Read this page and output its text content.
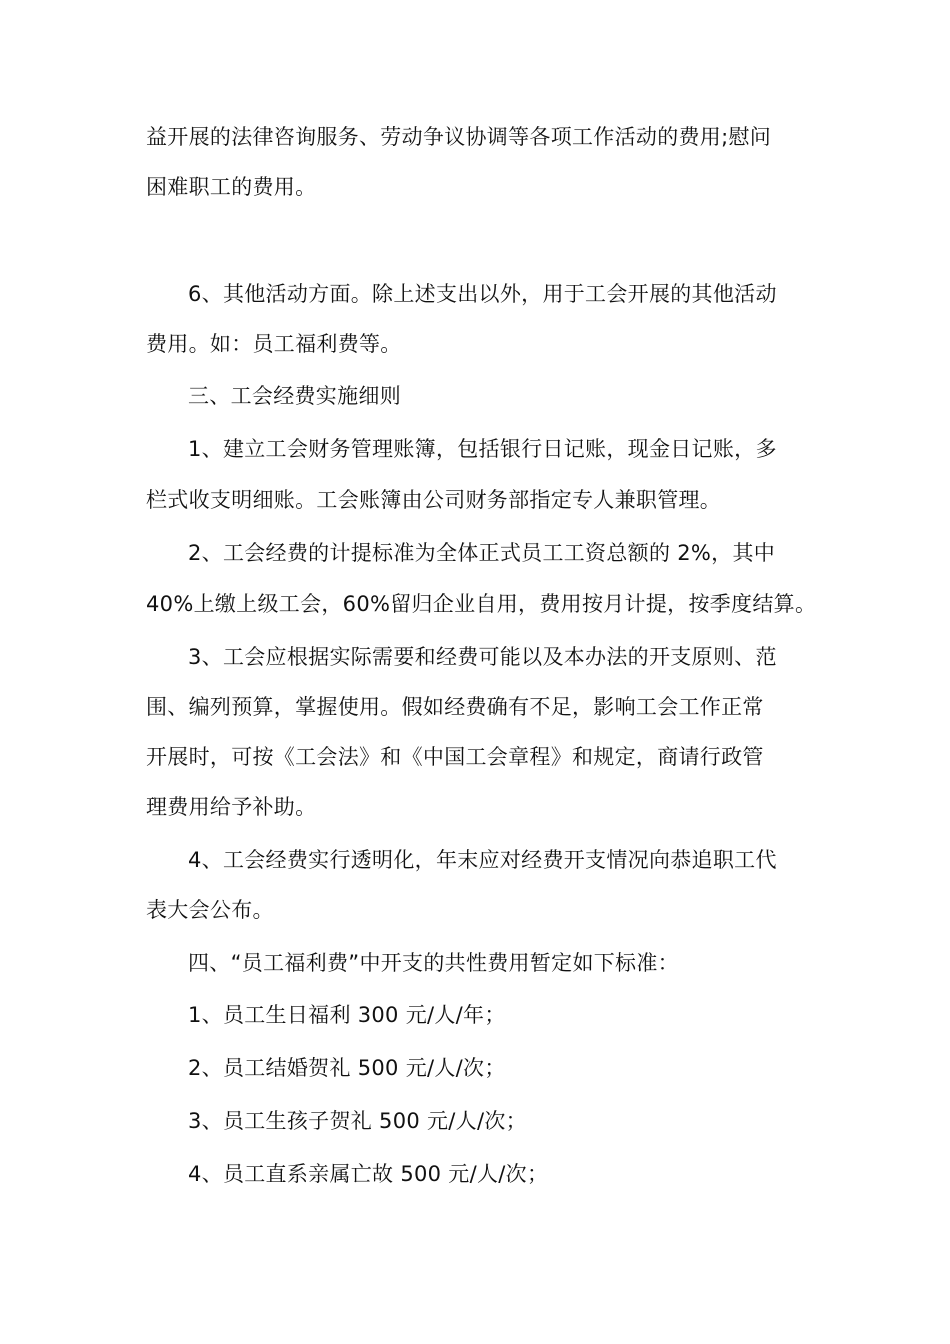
益开展的法律咨询服务、劳动争议协调等各项工作活动的费用;慰问
困难职工的费用。
6、其他活动方面。除上述支出以外，用于工会开展的其他活动
费用。如：员工福利费等。
三、工会经费实施细则
1、建立工会财务管理账簿，包括银行日记账，现金日记账，多
栏式收支明细账。工会账簿由公司财务部指定专人兼职管理。
2、工会经费的计提标准为全体正式员工工资总额的 2%，其中
40%上缴上级工会，60%留归企业自用，费用按月计提，按季度结算。
3、工会应根据实际需要和经费可能以及本办法的开支原则、范
围、编列预算，掌握使用。假如经费确有不足，影响工会工作正常
开展时，可按《工会法》和《中国工会章程》和规定，商请行政管
理费用给予补助。
4、工会经费实行透明化，年末应对经费开支情况向恭追职工代
表大会公布。
四、“员工福利费”中开支的共性费用暂定如下标准：
1、员工生日福利 300 元/人/年；
2、员工结婚贺礼 500 元/人/次；
3、员工生孩子贺礼 500 元/人/次；
4、员工直系亲属亡故 500 元/人/次；
